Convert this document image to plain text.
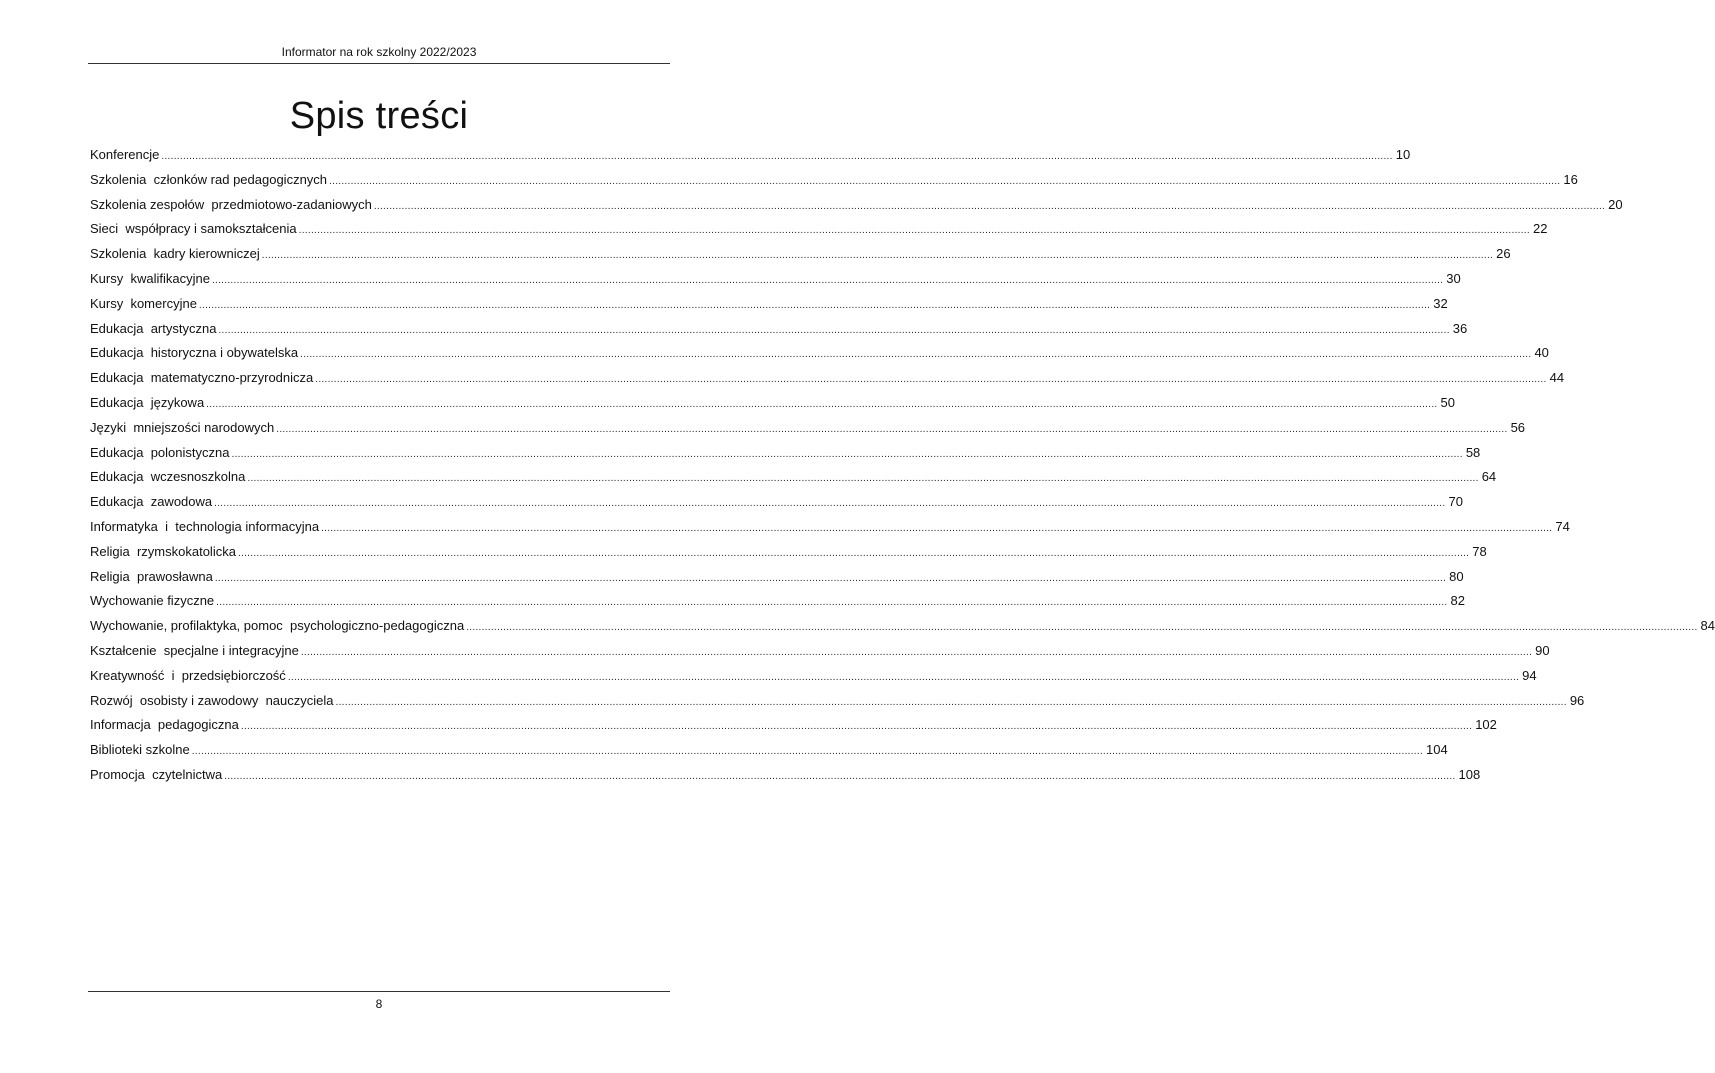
Informator na rok szkolny 2022/2023
Spis treści
Konferencje ................................................................................................................................................................................................................................................................................................................................................................................................................ 10
Szkolenia  członków rad pedagogicznych ................................................................................................................................................................................................................................................................................................................................................................................................................ 16
Szkolenia zespołów  przedmiotowo-zadaniowych ................................................................................................................................................................................................................................................................................................................................................................................................................ 20
Sieci  współpracy i samokształcenia ................................................................................................................................................................................................................................................................................................................................................................................................................ 22
Szkolenia  kadry kierowniczej ................................................................................................................................................................................................................................................................................................................................................................................................................ 26
Kursy  kwalifikacyjne ................................................................................................................................................................................................................................................................................................................................................................................................................ 30
Kursy  komercyjne ................................................................................................................................................................................................................................................................................................................................................................................................................ 32
Edukacja  artystyczna ................................................................................................................................................................................................................................................................................................................................................................................................................ 36
Edukacja  historyczna i obywatelska ................................................................................................................................................................................................................................................................................................................................................................................................................ 40
Edukacja  matematyczno-przyrodnicza ................................................................................................................................................................................................................................................................................................................................................................................................................ 44
Edukacja  językowa ................................................................................................................................................................................................................................................................................................................................................................................................................ 50
Języki  mniejszości narodowych ................................................................................................................................................................................................................................................................................................................................................................................................................ 56
Edukacja  polonistyczna ................................................................................................................................................................................................................................................................................................................................................................................................................ 58
Edukacja  wczesnoszkolna ................................................................................................................................................................................................................................................................................................................................................................................................................ 64
Edukacja  zawodowa ................................................................................................................................................................................................................................................................................................................................................................................................................ 70
Informatyka  i  technologia informacyjna ................................................................................................................................................................................................................................................................................................................................................................................................................ 74
Religia  rzymskokatolicka ................................................................................................................................................................................................................................................................................................................................................................................................................ 78
Religia  prawosławna ................................................................................................................................................................................................................................................................................................................................................................................................................ 80
Wychowanie fizyczne ................................................................................................................................................................................................................................................................................................................................................................................................................ 82
Wychowanie, profilaktyka, pomoc  psychologiczno-pedagogiczna ................................................................................................................................................................................................................................................................................................................................................................................................................ 84
Kształcenie  specjalne i integracyjne ................................................................................................................................................................................................................................................................................................................................................................................................................ 90
Kreatywność  i  przedsiębiorczość ................................................................................................................................................................................................................................................................................................................................................................................................................ 94
Rozwój  osobisty i zawodowy  nauczyciela ................................................................................................................................................................................................................................................................................................................................................................................................................ 96
Informacja  pedagogiczna ................................................................................................................................................................................................................................................................................................................................................................................................................ 102
Biblioteki szkolne ................................................................................................................................................................................................................................................................................................................................................................................................................ 104
Promocja  czytelnictwa ................................................................................................................................................................................................................................................................................................................................................................................................................ 108
8
